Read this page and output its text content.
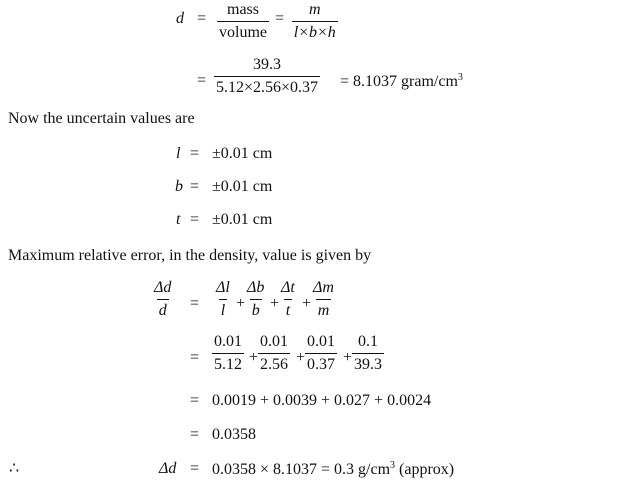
d =
mass
volume
= $\frac{m}{l\times b\times h}$
= $\frac{39.3}{5.12\times 2.56\times 0.37} = 8.1037$ gram/$cm^3$
Now the uncertain values are
l = ±0.01 cm
b = ±0.01 cm
t = ±0.01 cm
Maximum relative error, in the density, value is given by
$\frac{\Delta d}{d} = \frac{\Delta l}{l} + \frac{\Delta b}{b} + \frac{\Delta t}{t} + \frac{\Delta m}{m}$
= $\frac{0.01}{5.12} + \frac{0.01}{2.56} + \frac{0.01}{0.37} + \frac{0.1}{39.3}$
= 0.0019 + 0.0039 + 0.027 + 0.0024
= 0.0358
∴	Δd = 0.0358 × 8.1037 = 0.3 $g/cm^3$ (approx)
